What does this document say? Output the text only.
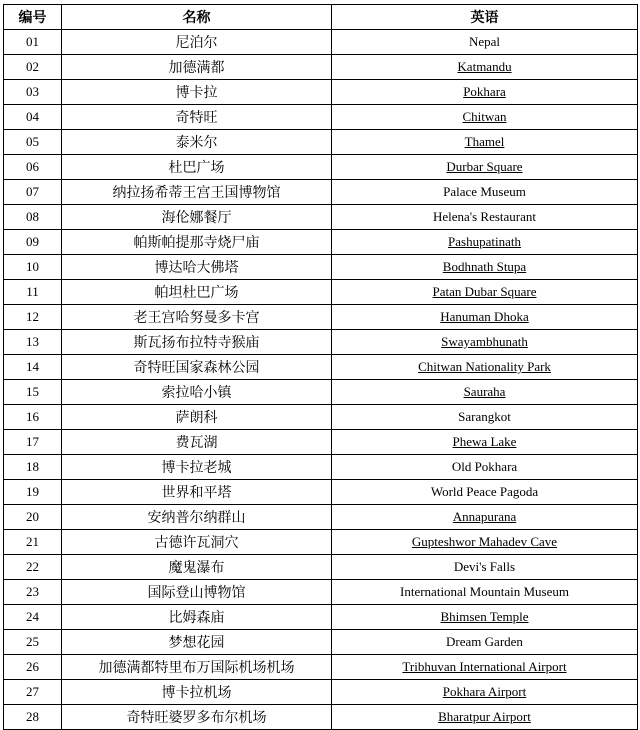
编号	名称	英语
01	尼泊尔	Nepal
02	加德满都	Katmandu
03	博卡拉	Pokhara
04	奇特旺	Chitwan
05	泰米尔	Thamel
06	杜巴广场	Durbar Square
07	纳拉扬希蒂王宫王国博物馆	Palace Museum
08	海伦娜餐厅	Helena's Restaurant
09	帕斯帕提那寺烧尸庙	Pashupatinath
10	博达哈大佛塔	Bodhnath Stupa
11	帕坦杜巴广场	Patan Dubar Square
12	老王宫哈努曼多卡宫	Hanuman Dhoka
13	斯瓦扬布拉特寺猴庙	Swayambhunath
14	奇特旺国家森林公园	Chitwan Nationality Park
15	索拉哈小镇	Sauraha
16	萨朗科	Sarangkot
17	费瓦湖	Phewa Lake
18	博卡拉老城	Old Pokhara
19	世界和平塔	World Peace Pagoda
20	安纳普尔纳群山	Annapurana
21	古德许瓦洞穴	Gupteshwor Mahadev Cave
22	魔鬼瀑布	Devi's Falls
23	国际登山博物馆	International Mountain Museum
24	比姆森庙	Bhimsen Temple
25	梦想花园	Dream Garden
26	加德满都特里布万国际机场机场	Tribhuvan International Airport
27	博卡拉机场	Pokhara Airport
28	奇特旺婆罗多布尔机场	Bharatpur Airport
